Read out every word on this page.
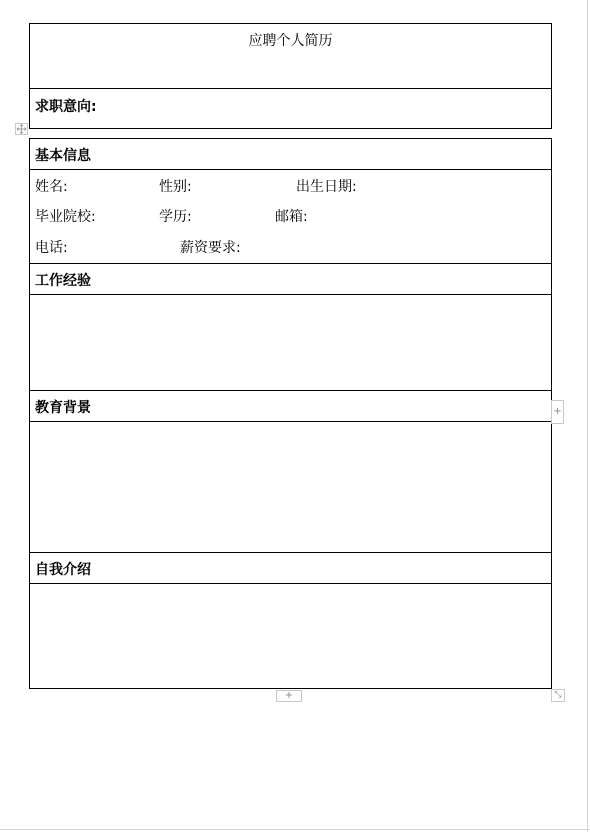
应聘个人简历
求职意向:
基本信息
姓名:	性别:	出生日期:
毕业院校:	学历:	邮箱:
电话:	薪资要求:
工作经验
教育背景
自我介绍
+
+	⤡
